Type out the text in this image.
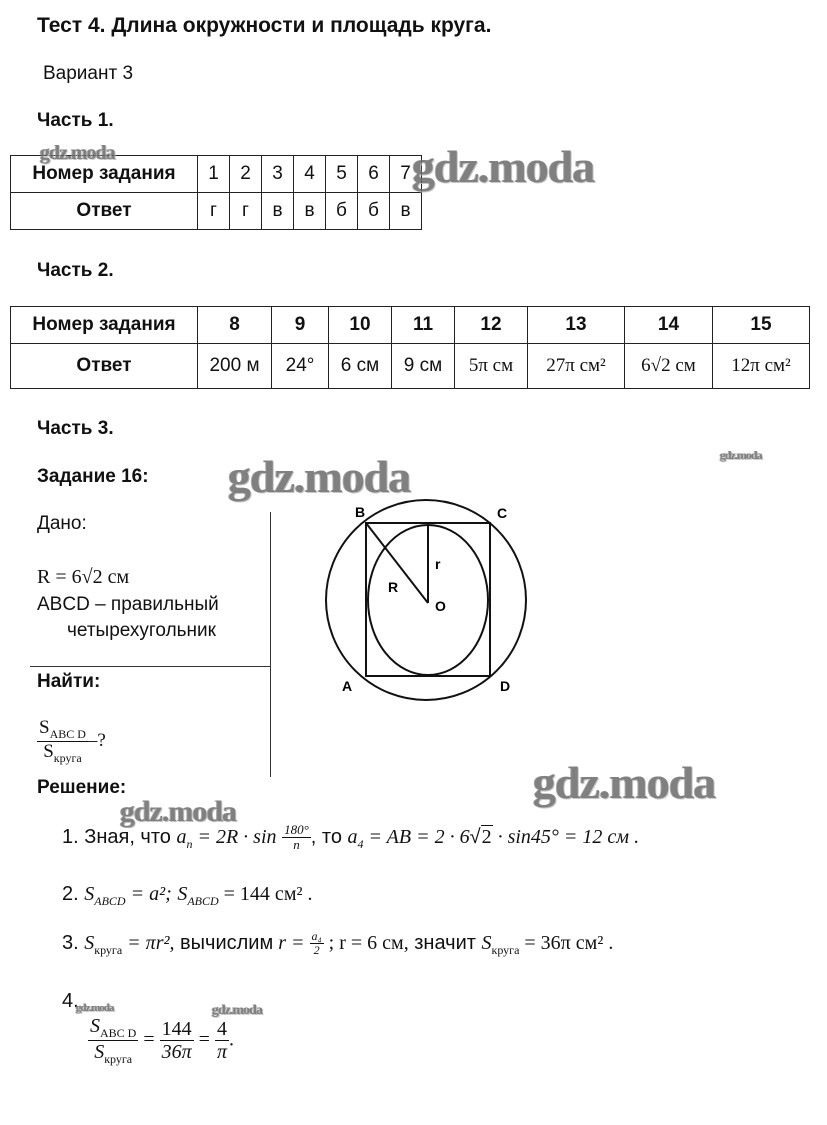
Тест 4. Длина окружности и площадь круга.
Вариант 3
Часть 1.
Номер задания	1	2	3	4	5	6	7
Ответ	г	г	в	в	б	б	в
Часть 2.
Номер задания	8	9	10	11	12	13	14	15
Ответ	200 м	24°	6 см	9 см	5π см	27π см²	6√2 см	12π см²
Часть 3.
Задание 16:
Дано:
R = 6√2 см
ABCD – правильный
четырехугольник
Найти:
$\frac{S_{ABC D}}{S_{круга}}$ –?
B	C
A	D
R
r
O
Решение:
1. Зная, что $a_n = 2R \cdot \sin \frac{180^\circ}{n}$ , то $a_4$ = AB = 2 · 6√2 · sin45° = 12 см .
2. $S_{ABCD} = a^2$; $S_{ABCD} = 144$ см² .
3. $S_{круга} = \pi r^2$, вычислим $r = \frac{\text{a₄}}{2}$ ; r = 6 см, значит $S_{круга} = 36\pi$ см² .
4.
$\frac{S_{ABC D}}{S_{круга}} = \frac{144}{36\pi} = \frac{4}{\pi}$ .
gdz.moda	gdz.moda
gdz.moda	gdz.moda
gdz.moda
gdz.moda
gdz.moda	gdz.moda
